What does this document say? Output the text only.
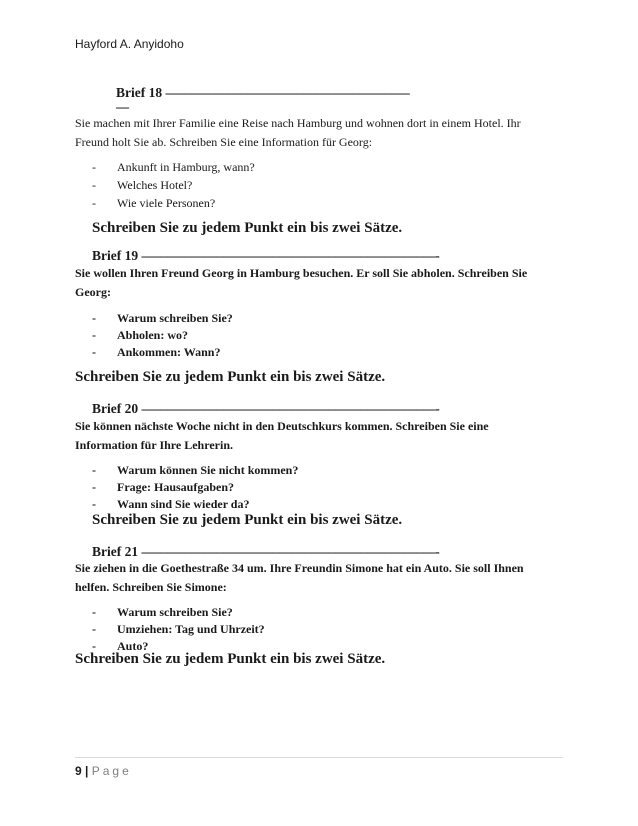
Hayford A. Anyidoho
Brief 18 –––––––––––––––––––––––––––––––––––––––
––
Sie machen mit Ihrer Familie eine Reise nach Hamburg und wohnen dort in einem Hotel. Ihr
Freund holt Sie ab. Schreiben Sie eine Information für Georg:
- Ankunft in Hamburg, wann?
- Welches Hotel?
- Wie viele Personen?
Schreiben Sie zu jedem Punkt ein bis zwei Sätze.
Brief 19 –––––––––––––––––––––––––––––––––––––––––––––––-
Sie wollen Ihren Freund Georg in Hamburg besuchen. Er soll Sie abholen. Schreiben Sie
Georg:
- Warum schreiben Sie?
- Abholen: wo?
- Ankommen: Wann?
Schreiben Sie zu jedem Punkt ein bis zwei Sätze.
Brief 20 –––––––––––––––––––––––––––––––––––––––––––––––-
Sie können nächste Woche nicht in den Deutschkurs kommen. Schreiben Sie eine
Information für Ihre Lehrerin.
- Warum können Sie nicht kommen?
- Frage: Hausaufgaben?
- Wann sind Sie wieder da?
Schreiben Sie zu jedem Punkt ein bis zwei Sätze.
Brief 21 –––––––––––––––––––––––––––––––––––––––––––––––-
Sie ziehen in die Goethestraße 34 um. Ihre Freundin Simone hat ein Auto. Sie soll Ihnen
helfen. Schreiben Sie Simone:
- Warum schreiben Sie?
- Umziehen: Tag und Uhrzeit?
- Auto?
Schreiben Sie zu jedem Punkt ein bis zwei Sätze.
9 | Page
